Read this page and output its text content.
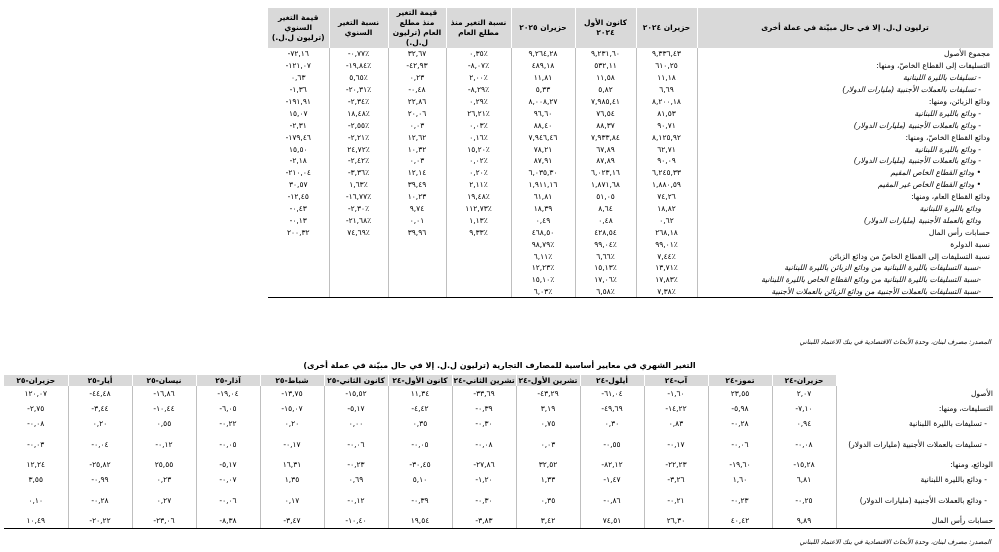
قيمة التغير السنوي (ترليون ل.ل.)	نسبة التغير السنوي	قيمة التغير منذ مطلع العام (ترليون ل.ل.)	نسبة التغير منذ مطلع العام	حزيران ٢٠٢٥	كانون الأول ٢٠٢٤	حزيران ٢٠٢٤	ترليون ل.ل. إلا في حال مبيّنة في عملة أخرى
-٧٢,١٦	-٠,٧٧٪	٣٢,٦٧	٠,٣٥٪	٩,٢٦٤,٢٨	٩,٢٣١,٦٠	٩,٣٣٦,٤٣	مجموع الأصول
-١٢١,٠٧	-١٩,٨٤٪	-٤٢,٩٣	-٨,٠٧٪	٤٨٩,١٨	٥٣٢,١١	٦١٠,٢٥	التسليفات إلى القطاع الخاصّ، ومنها:
٠,٦٣	٥,٦٥٪	٠,٢٣	٢,٠٠٪	١١,٨١	١١,٥٨	١١,١٨	- تسليفات بالليرة اللبنانية
-١,٣٦	-٢٠,٣١٪	-٠,٤٨	-٨,٢٩٪	٥,٣٣	٥,٨٢	٦,٦٩	- تسليفات بالعملات الأجنبية (مليارات الدولار)
-١٩١,٩١	-٢,٣٤٪	٢٢,٨٦	٠,٢٩٪	٨,٠٠٨,٢٧	٧,٩٨٥,٤١	٨,٢٠٠,١٨	ودائع الزبائن، ومنها:
١٥,٠٧	١٨,٤٨٪	٢٠,٠٦	٢٦,٢١٪	٩٦,٦٠	٧٦,٥٤	٨١,٥٣	- ودائع بالليرة اللبنانية
-٢,٣١	-٢,٥٥٪	٠,٠٣	٠,٠٣٪	٨٨,٤٠	٨٨,٣٧	٩٠,٧١	- ودائع بالعملات الأجنبية (مليارات الدولار)
-١٧٩,٤٦	-٢,٢١٪	١٢,٦٢	٠,١٦٪	٧,٩٤٦,٤٦	٧,٩٣٣,٨٤	٨,١٢٥,٩٢	ودائع القطاع الخاصّ، ومنها:
١٥,٥٠	٢٤,٧٢٪	١٠,٣٢	١٥,٢٠٪	٧٨,٢١	٦٧,٨٩	٦٢,٧١	- ودائع بالليرة اللبنانية
-٢,١٨	-٢,٤٢٪	٠,٠٣	٠,٠٢٪	٨٧,٩١	٨٧,٨٩	٩٠,٠٩	- ودائع بالعملات الأجنبية (مليارات الدولار)
-٢١٠,٠٤	-٣,٣٦٪	١٢,١٤	٠,٢٠٪	٦,٠٣٥,٣٠	٦,٠٢٣,١٦	٦,٢٤٥,٣٣	• ودائع القطاع الخاص المقيم
٣٠,٥٧	١,٦٣٪	٣٩,٤٩	٢,١١٪	١,٩١١,١٦	١,٨٧١,٦٨	١,٨٨٠,٥٩	• ودائع القطاع الخاص غير المقيم
-١٢,٤٥	-١٦,٧٧٪	١٠,٢٣	١٩,٤٨٪	٦١,٨١	٥١,٠٥	٧٤,٢٦	ودائع القطاع العام، ومنها:
-٠,٤٣	-٢,٣٠٪	٩,٧٤	١١٢,٧٣٪	١٨,٣٩	٨,٦٤	١٨,٨٢	ودائع بالليرة اللبنانية
-٠,١٣	-٢١,٦٨٪	٠,٠١	١,١٣٪	٠,٤٩	٠,٤٨	٠,٦٢	ودائع بالعملة الأجنبية (مليارات الدولار)
٢٠٠,٣٢	٧٤,٦٩٪	٣٩,٩٦	٩,٣٣٪	٤٦٨,٥٠	٤٢٨,٥٤	٢٦٨,١٨	حسابات رأس المال
				٩٨,٧٩٪	٩٩,٠٤٪	٩٩,٠١٪	نسبة الدولرة
				٦,١١٪	٦,٦٦٪	٧,٤٤٪	نسبة التسليفات إلى القطاع الخاصّ من ودائع الزبائن
				١٢,٢٣٪	١٥,١٣٪	١٣,٧١٪	-نسبة التسليفات بالليرة اللبنانية من ودائع الزبائن بالليرة اللبنانية
				١٥,١٠٪	١٧,٠٦٪	١٧,٨٣٪	-نسبة التسليفات بالليرة اللبنانية من ودائع القطاع الخاص بالليرة اللبنانية
				٦,٠٣٪	٦,٥٨٪	٧,٣٨٪	-نسبة التسليفات بالعملات الأجنبية من ودائع الزبائن بالعملات الأجنبية
المصدر: مصرف لبنان، وحدة الأبحاث الاقتصادية في بنك الاعتماد اللبناني
التغير الشهري في معايير أساسية للمصارف التجارية (ترليون ل.ل. إلا في حال مبيّنة في عملة أخرى)
حزيران-٢٥	أيار-٢٥	نيسان-٢٥	آذار-٢٥	شباط-٢٥	كانون الثاني-٢٥	كانون الأول-٢٤	تشرين الثاني-٢٤	تشرين الأول-٢٤	أيلول-٢٤	آب-٢٤	تموز-٢٤	حزيران-٢٤	
١٢٠,٠٧	-٤٤,٤٨	-١٦,٨٦	-١٩,٠٤	-١٣,٧٥	-١٥,٥٢	١١,٣٤	-٣٣,٦٩	-٤٣,٢٩	-٦١,٠٤	-١,٦٠	٢٣,٥٥	٢,٠٧	الأصول
-٢,٧٥	-٣,٤٤	-١٠,٤٤	-٦,٠٥	-١٥,٠٧	-٥,١٧	-٤,٤٢	-٠,٣٩	٣,١٩	-٤٩,٦٩	-١٤,٢٢	-٥,٩٨	-٧,١٠	التسليفات، ومنها:
-٠,٠٨	٠,٢٠	٠,٥٥	-٠,٢٢	٠,٢٠	٠,٠٠	٠,٣٥	-٠,٣٠	٠,٧٥	٠,٣٠	٠,٨٣	-٠,٢٨	٠,٩٤	- تسليفات بالليرة اللبنانية
-٠,٠٣	-٠,٠٤	-٠,١٢	-٠,٠٥	-٠,١٧	-٠,٠٦	-٠,٠٥	-٠,٠٨	٠,٠٣	-٠,٥٥	-٠,١٧	-٠,٠٦	-٠,٠٨	- تسليفات بالعملات الأجنبية (مليارات الدولار)
١٢,٢٤	-٢٥,٨٢	٢٥,٥٥	-٥,١٧	١٦,٣١	-٠,٢٣	-٣٠,٤٥	-٢٧,٨٦	٣٢,٥٢	-٨٢,١٢	-٢٢,٢٣	-١٩,٦٠	-١٥,٢٨	الودائع، ومنها:
٣,٥٥	-٠,٩٩	٠,٢٣	-٠,٠٧	١,٣٥	٠,٦٩	٥,١٠	-١,٢٠	١,٣٣	-١,٤٧	-٣,٢٦	١,٦٠	٦,٨١	- ودائع بالليرة اللبنانية
٠,١٠	-٠,٢٨	٠,٢٧	-٠,٠٦	٠,١٧	-٠,١٢	-٠,٣٩	-٠,٣٠	٠,٣٥	-٠,٨٦	-٠,٢١	-٠,٢٣	-٠,٢٥	- ودائع بالعملات الأجنبية (مليارات الدولار)
١٠,٤٩	-٢٠,٢٢	-٢٣,٠٦	-٨,٣٨	-٣,٤٧	-١٠,٤٠	١٩,٥٤	-٣,٨٣	٣,٤٢	٧٤,٥١	٢٦,٣٠	٤٠,٤٢	٩,٨٩	حسابات رأس المال
المصدر: مصرف لبنان، وحدة الأبحاث الاقتصادية في بنك الاعتماد اللبناني
